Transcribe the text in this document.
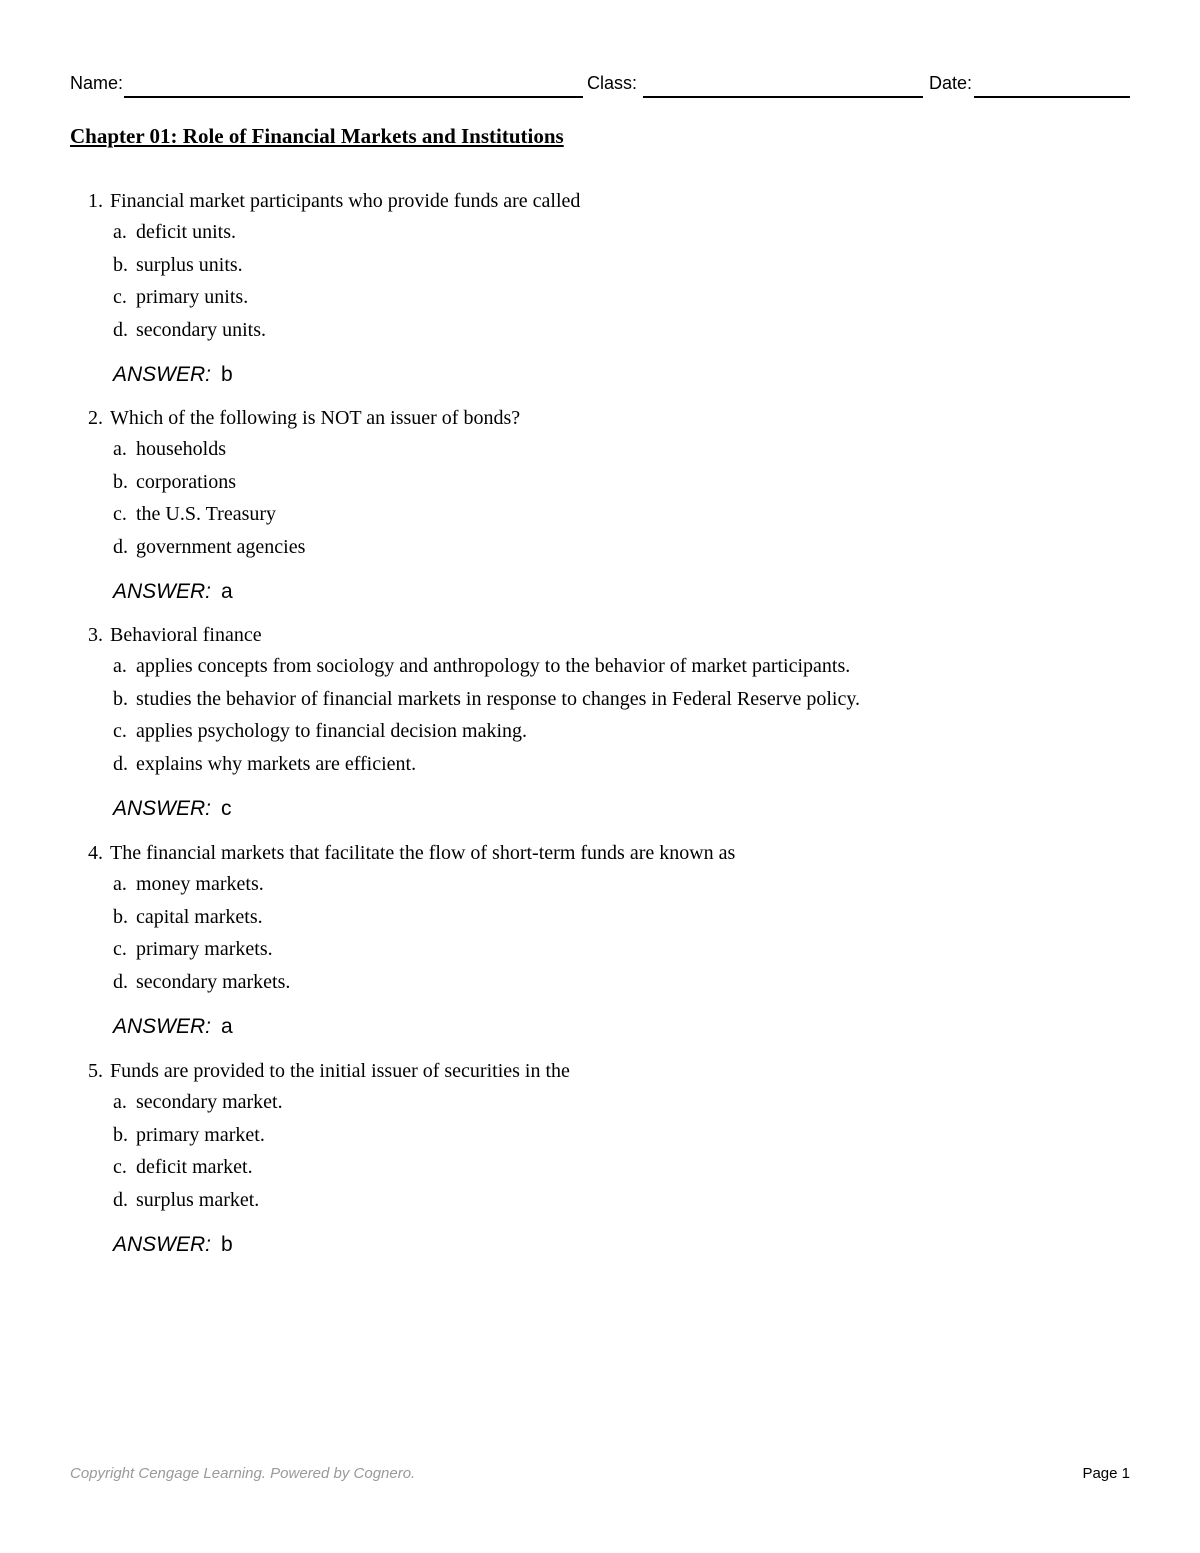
Name:	Class:	Date:
Chapter 01: Role of Financial Markets and Institutions
1. Financial market participants who provide funds are called
a. deficit units.
b. surplus units.
c. primary units.
d. secondary units.
ANSWER: b
2. Which of the following is NOT an issuer of bonds?
a. households
b. corporations
c. the U.S. Treasury
d. government agencies
ANSWER: a
3. Behavioral finance
a. applies concepts from sociology and anthropology to the behavior of market participants.
b. studies the behavior of financial markets in response to changes in Federal Reserve policy.
c. applies psychology to financial decision making.
d. explains why markets are efficient.
ANSWER: c
4. The financial markets that facilitate the flow of short-term funds are known as
a. money markets.
b. capital markets.
c. primary markets.
d. secondary markets.
ANSWER: a
5. Funds are provided to the initial issuer of securities in the
a. secondary market.
b. primary market.
c. deficit market.
d. surplus market.
ANSWER: b
Copyright Cengage Learning. Powered by Cognero.	Page 1
